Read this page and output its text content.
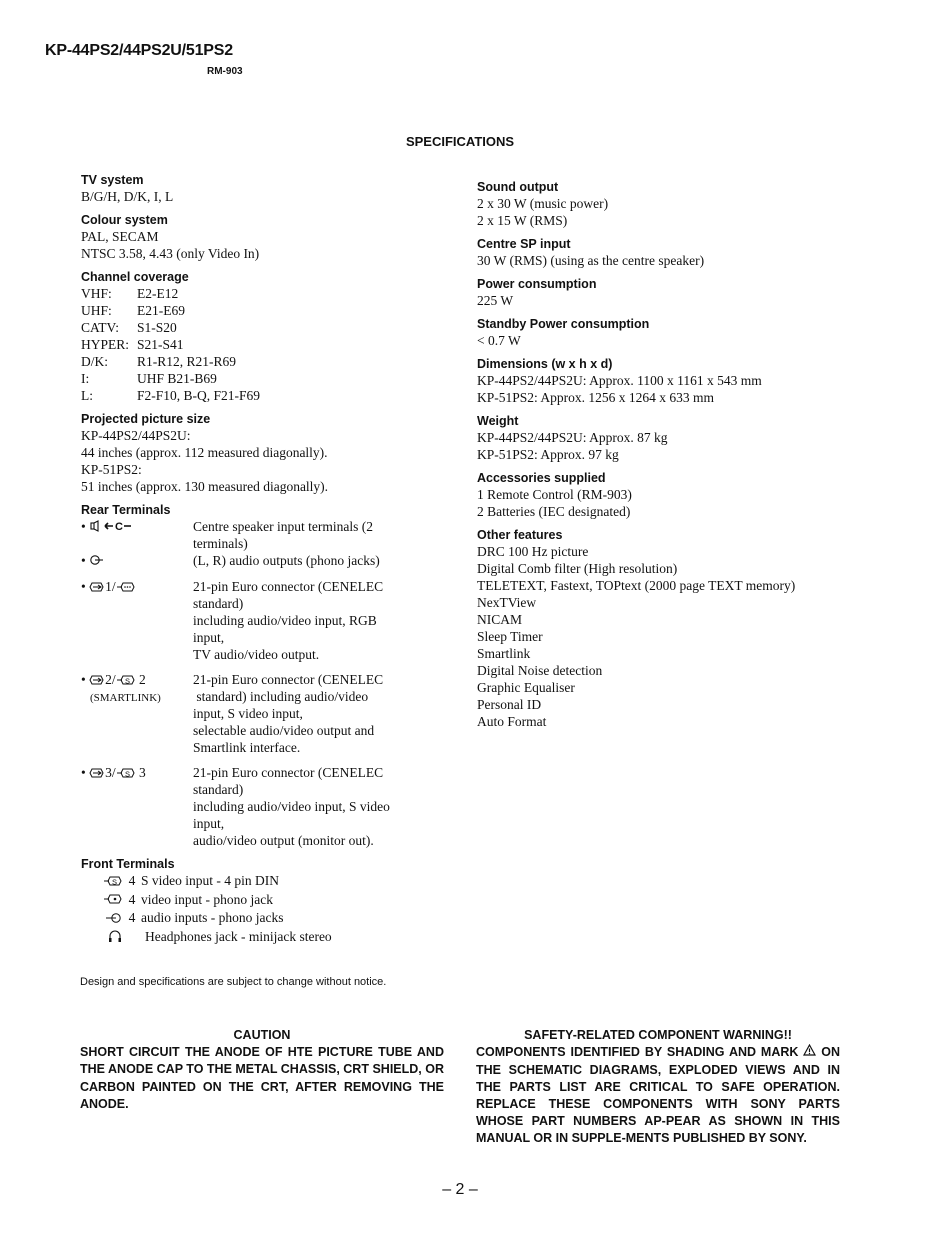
KP-44PS2/44PS2U/51PS2
RM-903
SPECIFICATIONS
TV system
B/G/H, D/K, I, L
Colour system
PAL, SECAM
NTSC 3.58, 4.43 (only Video In)
Channel coverage
VHF:	E2-E12
UHF:	E21-E69
CATV:	S1-S20
HYPER: S21-S41
D/K:	R1-R12, R21-R69
I:	UHF B21-B69
L:	F2-F10, B-Q, F21-F69
Projected picture size
KP-44PS2/44PS2U:
44 inches (approx. 112 measured diagonally).
KP-51PS2:
51 inches (approx. 130 measured diagonally).
Rear Terminals
• C	Centre speaker input terminals (2
terminals)
•	(L, R) audio outputs (phono jacks)
• 1/	21-pin Euro connector (CENELEC
standard)
including audio/video input, RGB
input,
TV audio/video output.
• 2/ S 2
(SMARTLINK)
21-pin Euro connector (CENELEC
standard) including audio/video
input, S video input,
selectable audio/video output and
Smartlink interface.
• 3/ S 3	21-pin Euro connector (CENELEC
standard)
including audio/video input, S video
input,
audio/video output (monitor out).
Front Terminals
S 4 S video input - 4 pin DIN
4 video input - phono jack
4 audio inputs - phono jacks
Headphones jack - minijack stereo
Sound output
2 x 30 W (music power)
2 x 15 W (RMS)
Centre SP input
30 W (RMS) (using as the centre speaker)
Power consumption
225 W
Standby Power consumption
< 0.7 W
Dimensions (w x h x d)
KP-44PS2/44PS2U: Approx. 1100 x 1161 x 543 mm
KP-51PS2: Approx. 1256 x 1264 x 633 mm
Weight
KP-44PS2/44PS2U: Approx. 87 kg
KP-51PS2: Approx. 97 kg
Accessories supplied
1 Remote Control (RM-903)
2 Batteries (IEC designated)
Other features
DRC 100 Hz picture
Digital Comb filter (High resolution)
TELETEXT, Fastext, TOPtext (2000 page TEXT memory)
NexTView
NICAM
Sleep Timer
Smartlink
Digital Noise detection
Graphic Equaliser
Personal ID
Auto Format
Design and specifications are subject to change without notice.
CAUTION
SHORT CIRCUIT THE ANODE OF HTE PICTURE TUBE AND THE ANODE CAP TO THE METAL CHASSIS, CRT SHIELD, OR CARBON PAINTED ON THE CRT, AFTER REMOVING THE ANODE.
SAFETY-RELATED COMPONENT WARNING!!
COMPONENTS IDENTIFIED BY SHADING AND MARK ON THE SCHEMATIC DIAGRAMS, EXPLODED VIEWS AND IN THE PARTS LIST ARE CRITICAL TO SAFE OPERATION. REPLACE THESE COMPONENTS WITH SONY PARTS WHOSE PART NUMBERS AP-PEAR AS SHOWN IN THIS MANUAL OR IN SUPPLE-MENTS PUBLISHED BY SONY.
– 2 –
